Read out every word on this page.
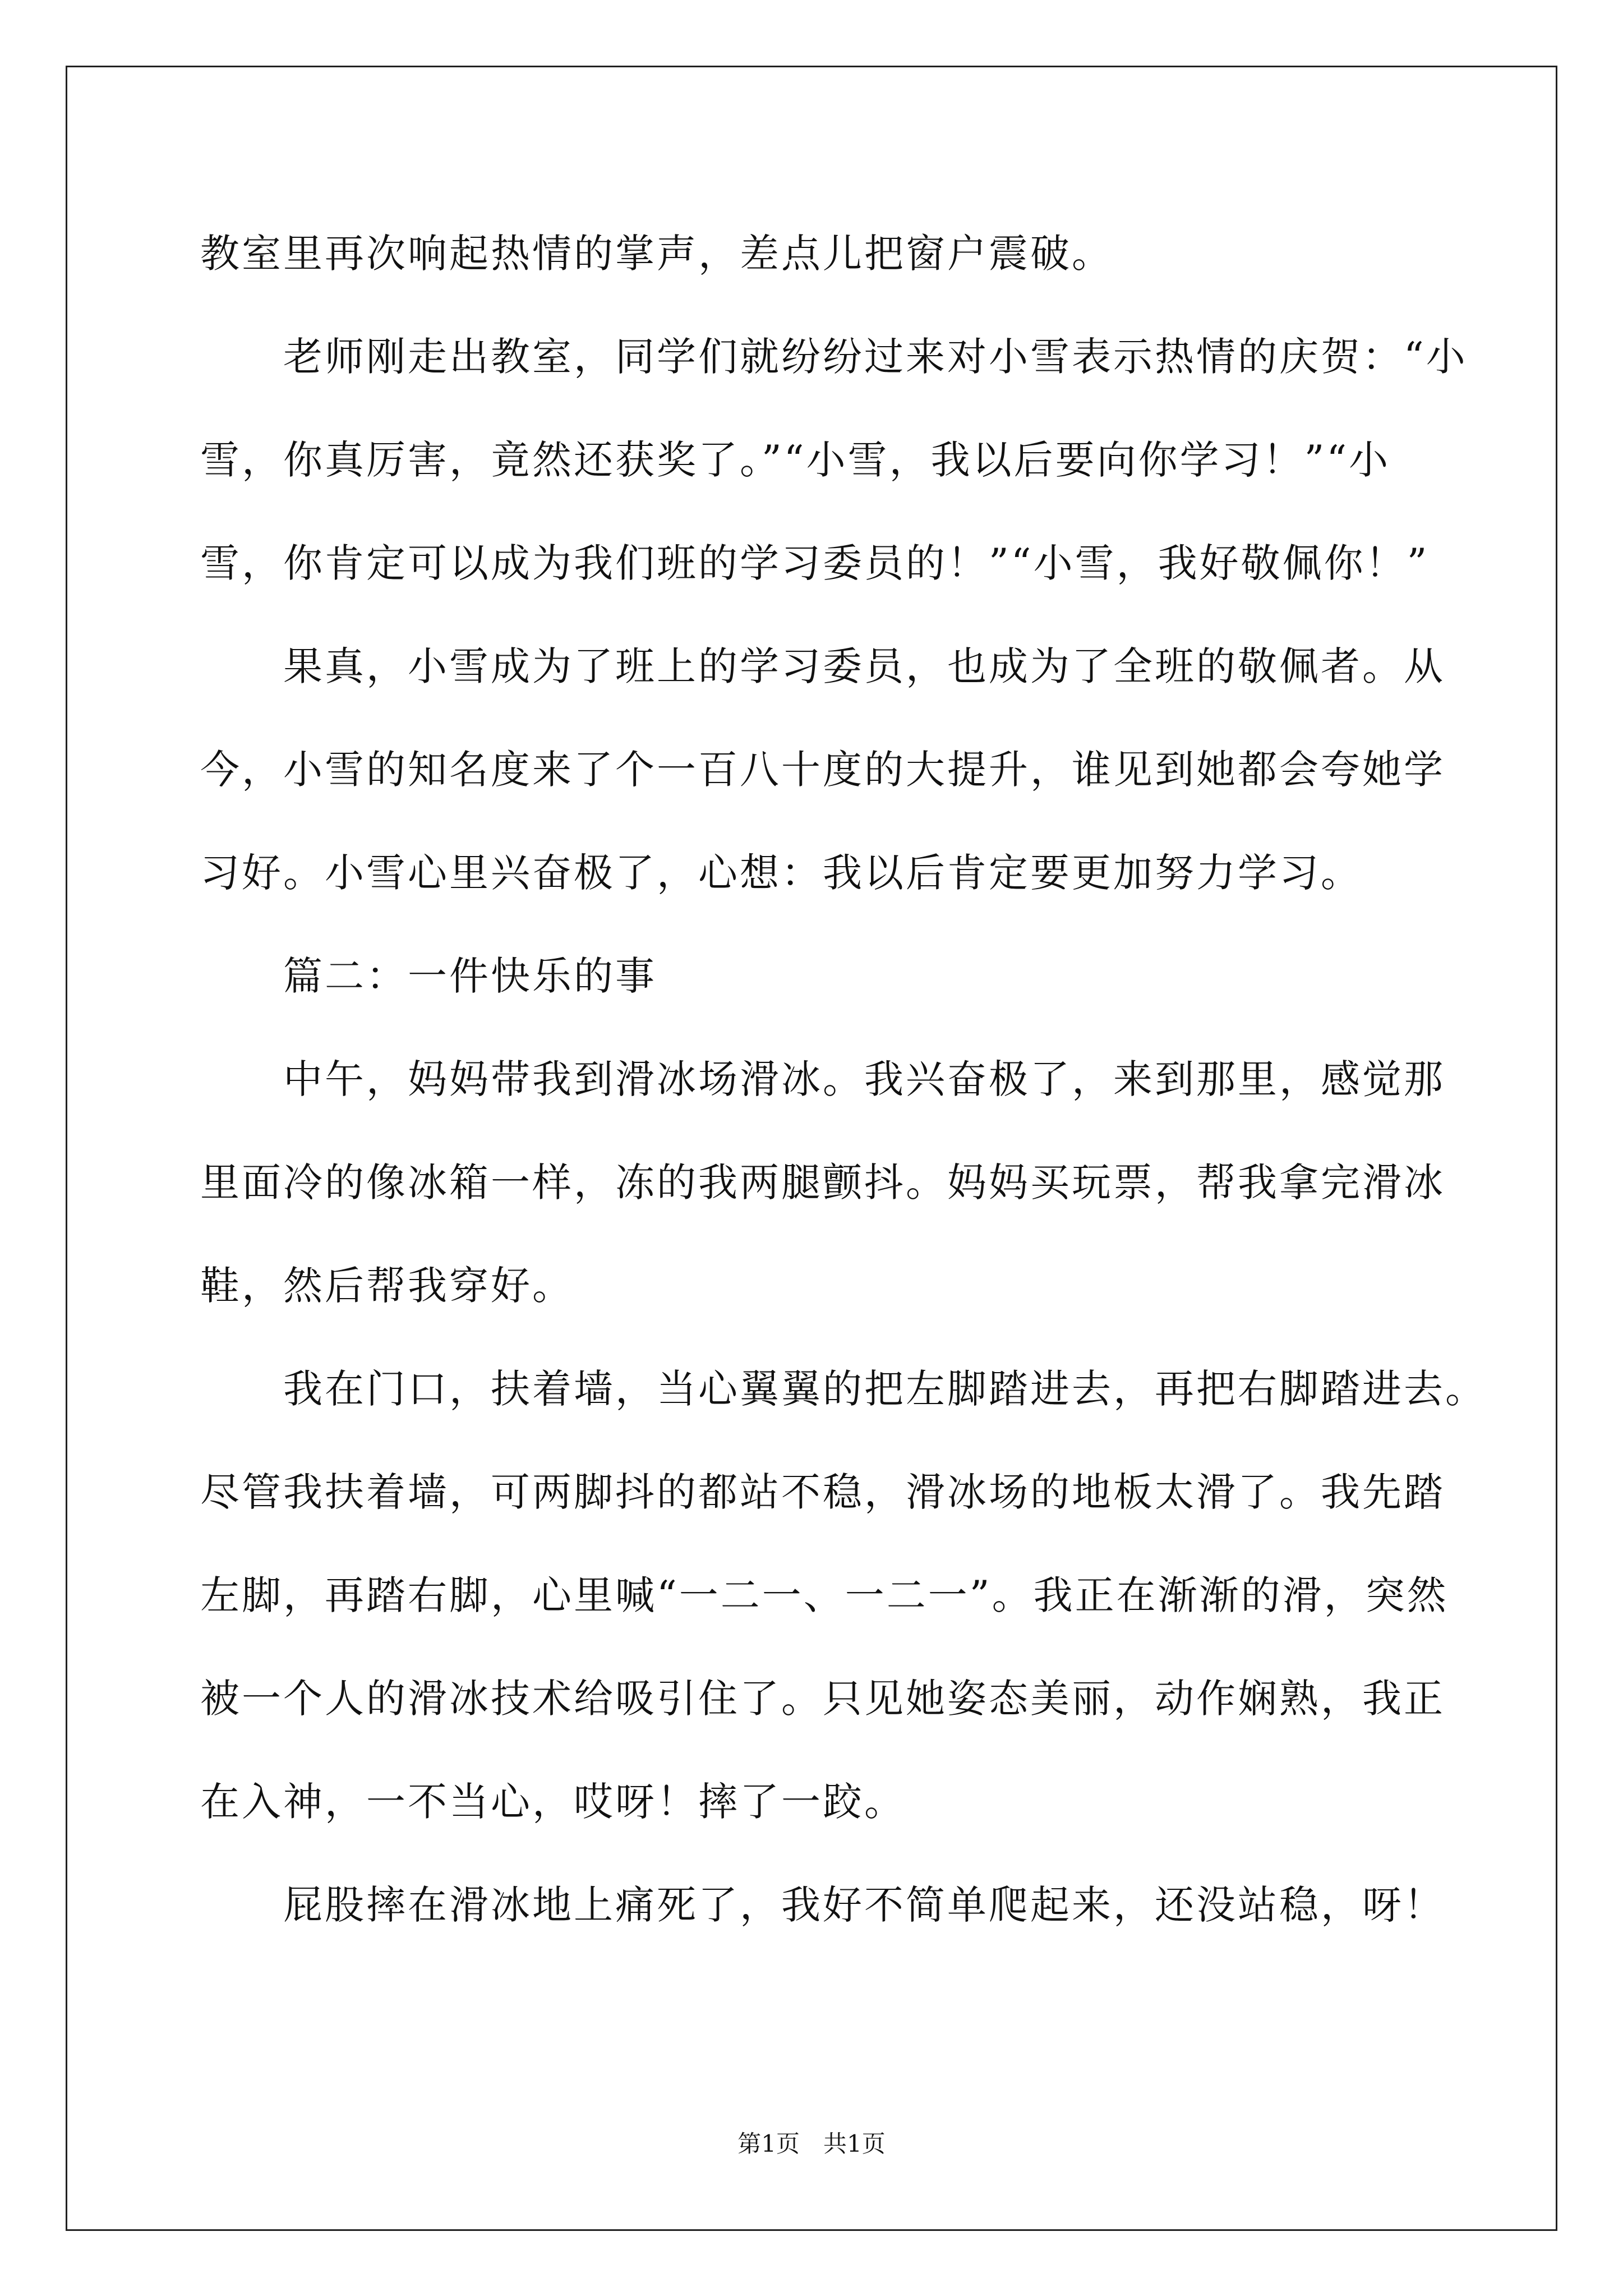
教室里再次响起热情的掌声，差点儿把窗户震破。
　　老师刚走出教室，同学们就纷纷过来对小雪表示热情的庆贺：“小
雪，你真厉害，竟然还获奖了。”“小雪，我以后要向你学习！”“小
雪，你肯定可以成为我们班的学习委员的！”“小雪，我好敬佩你！”
　　果真，小雪成为了班上的学习委员，也成为了全班的敬佩者。从
今，小雪的知名度来了个一百八十度的大提升，谁见到她都会夸她学
习好。小雪心里兴奋极了，心想：我以后肯定要更加努力学习。
　　篇二：一件快乐的事
　　中午，妈妈带我到滑冰场滑冰。我兴奋极了，来到那里，感觉那
里面冷的像冰箱一样，冻的我两腿颤抖。妈妈买玩票，帮我拿完滑冰
鞋，然后帮我穿好。
　　我在门口，扶着墙，当心翼翼的把左脚踏进去，再把右脚踏进去。
尽管我扶着墙，可两脚抖的都站不稳，滑冰场的地板太滑了。我先踏
左脚，再踏右脚，心里喊“一二一、一二一”。我正在渐渐的滑，突然
被一个人的滑冰技术给吸引住了。只见她姿态美丽，动作娴熟，我正
在入神，一不当心，哎呀！摔了一跤。
　　屁股摔在滑冰地上痛死了，我好不简单爬起来，还没站稳，呀！
第1页　共1页
